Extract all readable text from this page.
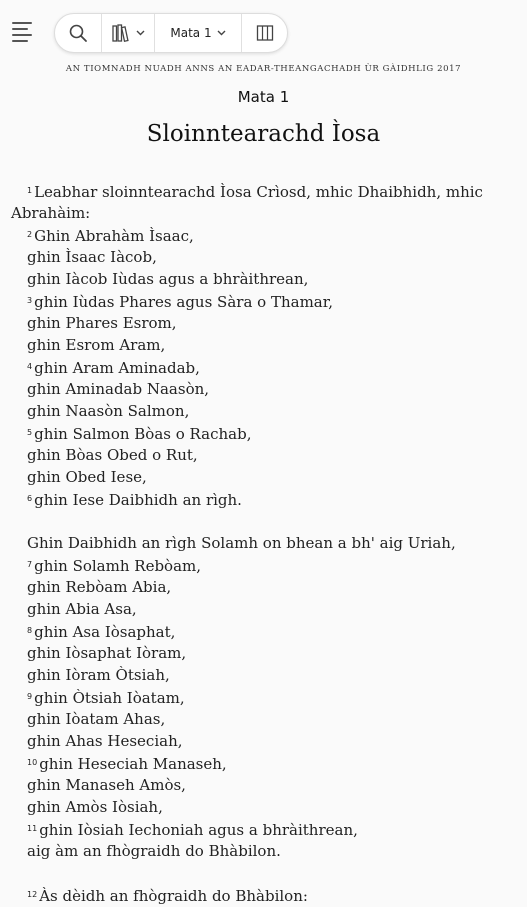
Mata 1
AN TIOMNADH NUADH ANNS AN EADAR-THEANGACHADH ÙR GÀIDHLIG 2017
Mata 1
Sloinntearachd Ìosa
$^1$ Leabhar sloinntearachd Ìosa Crìosd, mhic Dhaibhidh, mhic
Abrahàim:
$^2$ Ghin Abrahàm Ìsaac,
ghin Ìsaac Iàcob,
ghin Iàcob Iùdas agus a bhràithrean,
$^3$ ghin Iùdas Phares agus Sàra o Thamar,
ghin Phares Esrom,
ghin Esrom Aram,
$^4$ ghin Aram Aminadab,
ghin Aminadab Naasòn,
ghin Naasòn Salmon,
$^5$ ghin Salmon Bòas o Rachab,
ghin Bòas Obed o Rut,
ghin Obed Iese,
$^6$ ghin Iese Daibhidh an rìgh.
Ghin Daibhidh an rìgh Solamh on bhean a bh' aig Uriah,
$^7$ ghin Solamh Rebòam,
ghin Rebòam Abia,
ghin Abia Asa,
$^8$ ghin Asa Iòsaphat,
ghin Iòsaphat Iòram,
ghin Iòram Òtsiah,
$^9$ ghin Òtsiah Iòatam,
ghin Iòatam Ahas,
ghin Ahas Heseciah,
$^{10}$ ghin Heseciah Manaseh,
ghin Manaseh Amòs,
ghin Amòs Iòsiah,
$^{11}$ ghin Iòsiah Iechoniah agus a bhràithrean,
aig àm an fhògraidh do Bhàbilon.
$^{12}$ Às dèidh an fhògraidh do Bhàbilon:
